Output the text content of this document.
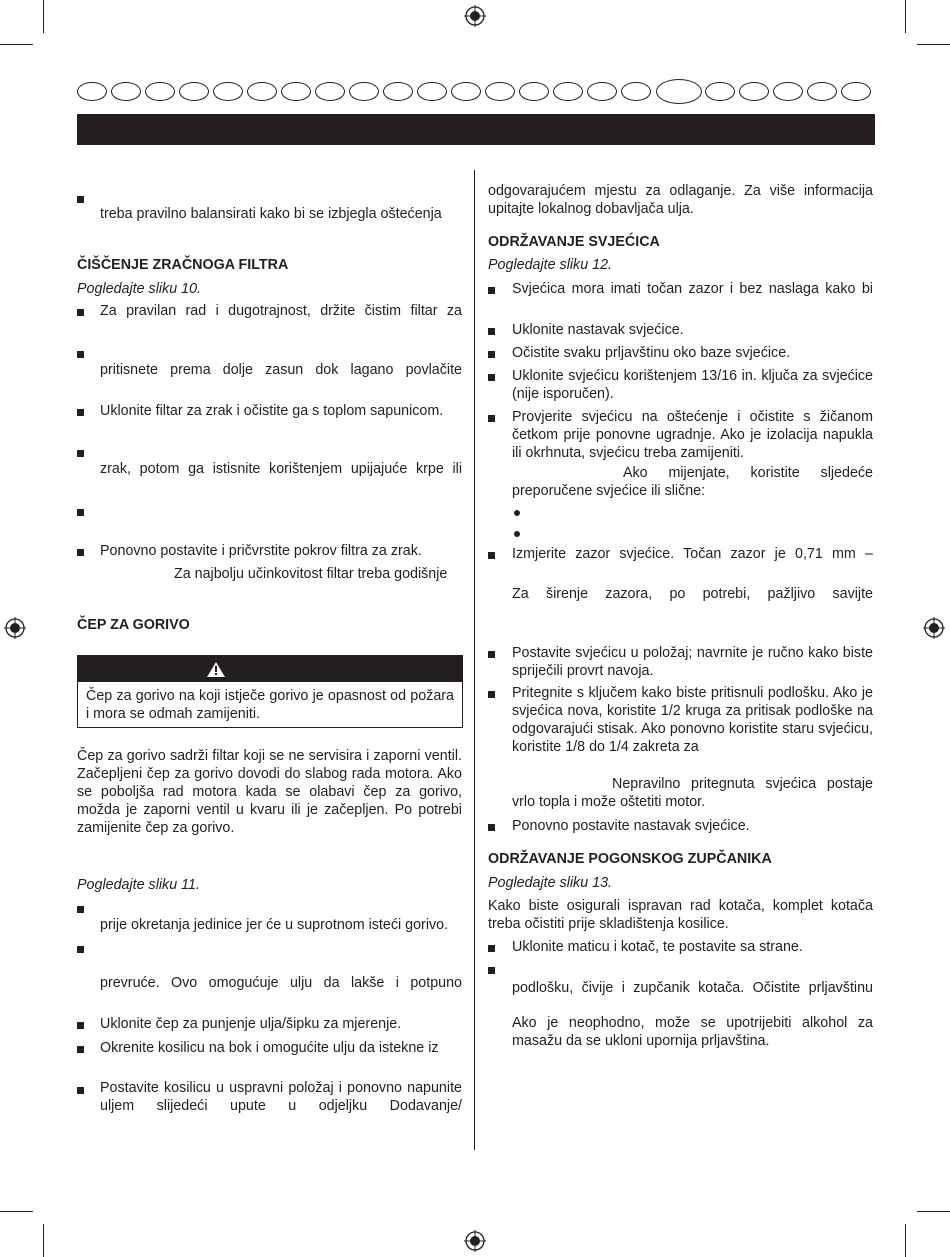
treba pravilno balansirati kako bi se izbjegla oštećenja
ČIŠČENJE ZRAČNOGA FILTRA
Pogledajte sliku 10.
Za pravilan rad i dugotrajnost, držite čistim filtar za
pritisnete prema dolje zasun dok lagano povlačite
Uklonite filtar za zrak i očistite ga s toplom sapunicom.
zrak, potom ga istisnite korištenjem upijajuće krpe ili
Ponovno postavite i pričvrstite pokrov filtra za zrak.
Za najbolju učinkovitost filtar treba godišnje
ČEP ZA GORIVO
Čep za gorivo na koji istječe gorivo je opasnost od požara i mora se odmah zamijeniti.
Čep za gorivo sadrži filtar koji se ne servisira i zaporni ventil. Začepljeni čep za gorivo dovodi do slabog rada motora. Ako se poboljša rad motora kada se olabavi čep za gorivo, možda je zaporni ventil u kvaru ili je začepljen. Po potrebi zamijenite čep za gorivo.
Pogledajte sliku 11.
prije okretanja jedinice jer će u suprotnom isteći gorivo.
prevruće. Ovo omogućuje ulju da lakše i potpuno
Uklonite čep za punjenje ulja/šipku za mjerenje.
Okrenite kosilicu na bok i omogućite ulju da istekne iz
Postavite kosilicu u uspravni položaj i ponovno napunite uljem slijedeći upute u odjeljku Dodavanje/
odgovarajućem mjestu za odlaganje. Za više informacija upitajte lokalnog dobavljača ulja.
ODRŽAVANJE SVJEĆICA
Pogledajte sliku 12.
Svjećica mora imati točan zazor i bez naslaga kako bi
Uklonite nastavak svjećice.
Očistite svaku prljavštinu oko baze svjećice.
Uklonite svjećicu korištenjem 13/16 in. ključa za svjećice (nije isporučen).
Provjerite svjećicu na oštećenje i očistite s žičanom četkom prije ponovne ugradnje. Ako je izolacija napukla ili okrhnuta, svjećicu treba zamijeniti.
Ako mijenjate, koristite sljedeće
preporučene svjećice ili slične:
Izmjerite zazor svjećice. Točan zazor je 0,71 mm –
Za širenje zazora, po potrebi, pažljivo savijte
Postavite svjećicu u položaj; navrnite je ručno kako biste spriječili provrt navoja.
Pritegnite s ključem kako biste pritisnuli podlošku. Ako je svjećica nova, koristite 1/2 kruga za pritisak podloške na odgovarajući stisak. Ako ponovno koristite staru svjećicu, koristite 1/8 do 1/4 zakreta za
Nepravilno pritegnuta svjećica postaje
vrlo topla i može oštetiti motor.
Ponovno postavite nastavak svjećice.
ODRŽAVANJE POGONSKOG ZUPČANIKA
Pogledajte sliku 13.
Kako biste osigurali ispravan rad kotača, komplet kotača treba očistiti prije skladištenja kosilice.
Uklonite maticu i kotač, te postavite sa strane.
podlošku, čivije i zupčanik kotača. Očistite prljavštinu
Ako je neophodno, može se upotrijebiti alkohol za masažu da se ukloni upornija prljavština.
